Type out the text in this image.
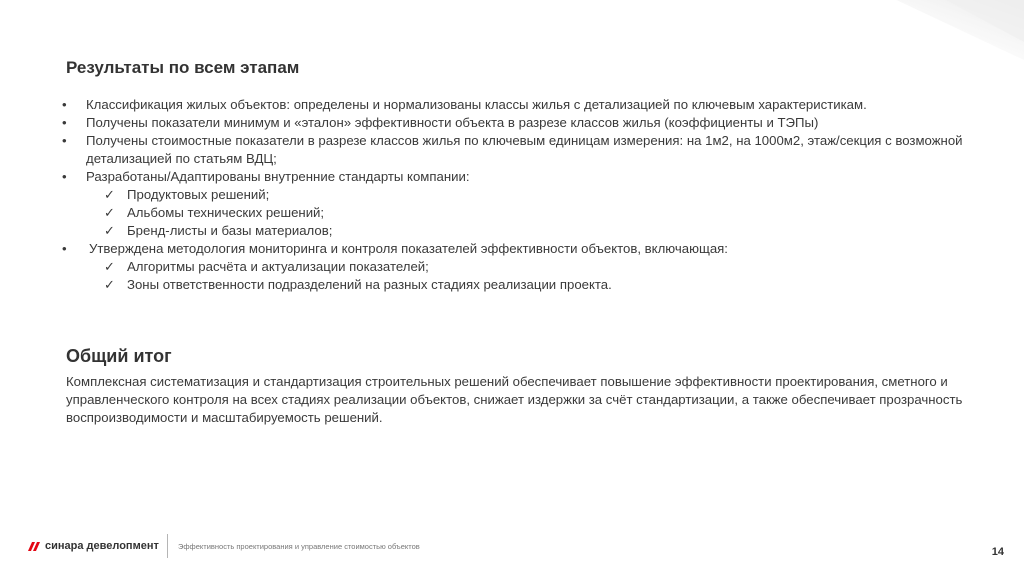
Результаты по всем этапам
• Классификация жилых объектов: определены и нормализованы классы жилья с детализацией по ключевым характеристикам.
• Получены показатели минимум и «эталон» эффективности объекта в разрезе классов жилья (коэффициенты и ТЭПы)
• Получены стоимостные показатели в разрезе классов жилья по ключевым единицам измерения: на 1м2, на 1000м2, этаж/секция с возможной детализацией по статьям ВДЦ;
• Разработаны/Адаптированы внутренние стандарты компании:
✓ Продуктовых решений;
✓ Альбомы технических решений;
✓ Бренд-листы и базы материалов;
• Утверждена методология мониторинга и контроля показателей эффективности объектов, включающая:
✓ Алгоритмы расчёта и актуализации показателей;
✓ Зоны ответственности подразделений на разных стадиях реализации проекта.
Общий итог

Комплексная систематизация и стандартизация строительных решений обеспечивает повышение эффективности проектирования, сметного и управленческого контроля на всех стадиях реализации объектов, снижает издержки за счёт стандартизации, а также обеспечивает прозрачность воспроизводимости и масштабируемость решений.

синара девелопмент	Эффективность проектирования и управление стоимостью объектов	14
